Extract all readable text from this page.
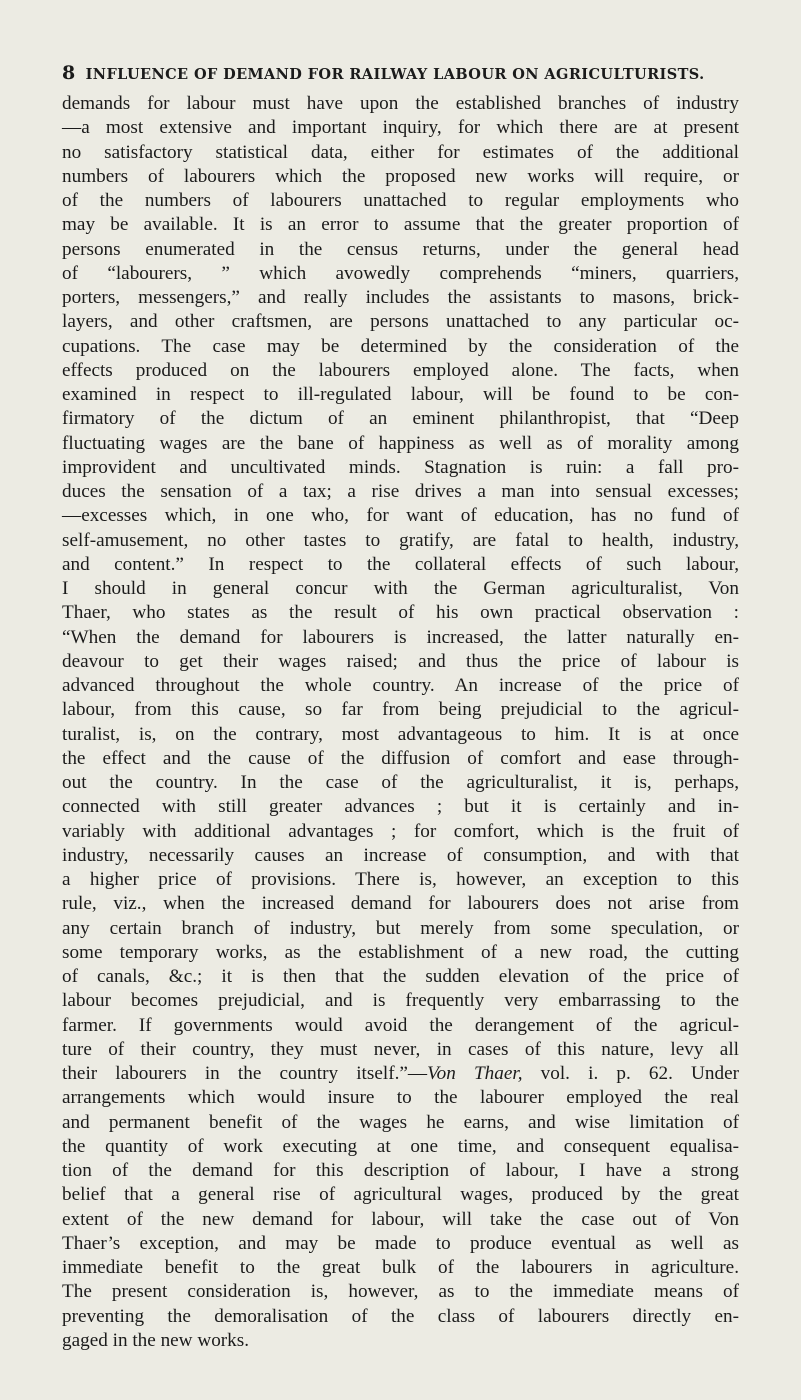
8 INFLUENCE OF DEMAND FOR RAILWAY LABOUR ON AGRICULTURISTS.

demands for labour must have upon the established branches of industry
—a most extensive and important inquiry, for which there are at present
no satisfactory statistical data, either for estimates of the additional
numbers of labourers which the proposed new works will require, or
of the numbers of labourers unattached to regular employments who
may be available. It is an error to assume that the greater proportion of
persons enumerated in the census returns, under the general head
of “labourers, ” which avowedly comprehends “miners, quarriers,
porters, messengers,” and really includes the assistants to masons, brick-
layers, and other craftsmen, are persons unattached to any particular oc-
cupations. The case may be determined by the consideration of the
effects produced on the labourers employed alone. The facts, when
examined in respect to ill-regulated labour, will be found to be con-
firmatory of the dictum of an eminent philanthropist, that “Deep
fluctuating wages are the bane of happiness as well as of morality among
improvident and uncultivated minds. Stagnation is ruin: a fall pro-
duces the sensation of a tax; a rise drives a man into sensual excesses;
—excesses which, in one who, for want of education, has no fund of
self-amusement, no other tastes to gratify, are fatal to health, industry,
and content.” In respect to the collateral effects of such labour,
I should in general concur with the German agriculturalist, Von
Thaer, who states as the result of his own practical observation :
“When the demand for labourers is increased, the latter naturally en-
deavour to get their wages raised; and thus the price of labour is
advanced throughout the whole country. An increase of the price of
labour, from this cause, so far from being prejudicial to the agricul-
turalist, is, on the contrary, most advantageous to him. It is at once
the effect and the cause of the diffusion of comfort and ease through-
out the country. In the case of the agriculturalist, it is, perhaps,
connected with still greater advances ; but it is certainly and in-
variably with additional advantages ; for comfort, which is the fruit of
industry, necessarily causes an increase of consumption, and with that
a higher price of provisions. There is, however, an exception to this
rule, viz., when the increased demand for labourers does not arise from
any certain branch of industry, but merely from some speculation, or
some temporary works, as the establishment of a new road, the cutting
of canals, &c.; it is then that the sudden elevation of the price of
labour becomes prejudicial, and is frequently very embarrassing to the
farmer. If governments would avoid the derangement of the agricul-
ture of their country, they must never, in cases of this nature, levy all
their labourers in the country itself.”—Von Thaer, vol. i. p. 62. Under
arrangements which would insure to the labourer employed the real
and permanent benefit of the wages he earns, and wise limitation of
the quantity of work executing at one time, and consequent equalisa-
tion of the demand for this description of labour, I have a strong
belief that a general rise of agricultural wages, produced by the great
extent of the new demand for labour, will take the case out of Von
Thaer’s exception, and may be made to produce eventual as well as
immediate benefit to the great bulk of the labourers in agriculture.
The present consideration is, however, as to the immediate means of
preventing the demoralisation of the class of labourers directly en-
gaged in the new works.
